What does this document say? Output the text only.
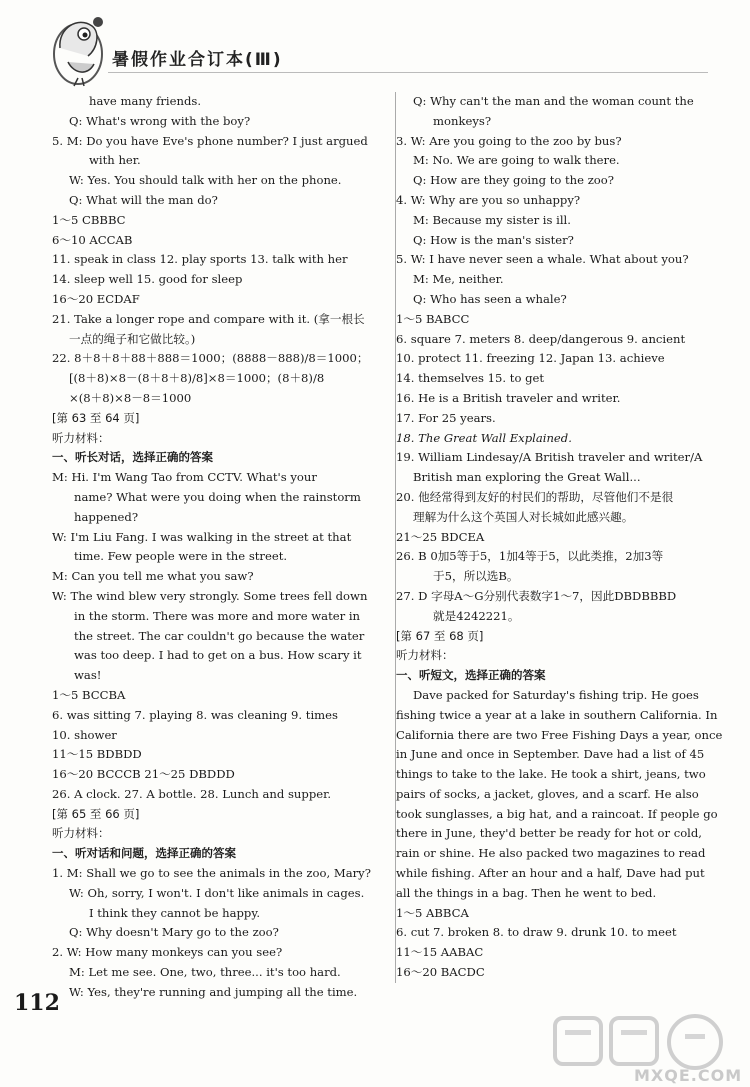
暑假作业合订本(Ⅲ)
have many friends.
Q: What's wrong with the boy?
5. M: Do you have Eve's phone number? I just argued
with her.
W: Yes. You should talk with her on the phone.
Q: What will the man do?
1～5 CBBBC
6～10 ACCAB
11. speak in class 12. play sports 13. talk with her
14. sleep well 15. good for sleep
16～20 ECDAF
21. Take a longer rope and compare with it. (拿一根长
一点的绳子和它做比较。)
22. 8＋8＋8＋88＋888＝1000；(8888－888)/8＝1000；
[(8＋8)×8－(8＋8＋8)/8]×8＝1000；(8＋8)/8
×(8＋8)×8－8＝1000
[第 63 至 64 页]
听力材料：
一、听长对话，选择正确的答案
M: Hi. I'm Wang Tao from CCTV. What's your
name? What were you doing when the rainstorm
happened?
W: I'm Liu Fang. I was walking in the street at that
time. Few people were in the street.
M: Can you tell me what you saw?
W: The wind blew very strongly. Some trees fell down
in the storm. There was more and more water in
the street. The car couldn't go because the water
was too deep. I had to get on a bus. How scary it
was!
1～5 BCCBA
6. was sitting 7. playing 8. was cleaning 9. times
10. shower
11～15 BDBDD
16～20 BCCCB 21～25 DBDDD
26. A clock. 27. A bottle. 28. Lunch and supper.
[第 65 至 66 页]
听力材料：
一、听对话和问题，选择正确的答案
1. M: Shall we go to see the animals in the zoo, Mary?
W: Oh, sorry, I won't. I don't like animals in cages.
I think they cannot be happy.
Q: Why doesn't Mary go to the zoo?
2. W: How many monkeys can you see?
M: Let me see. One, two, three... it's too hard.
W: Yes, they're running and jumping all the time.
Q: Why can't the man and the woman count the
monkeys?
3. W: Are you going to the zoo by bus?
M: No. We are going to walk there.
Q: How are they going to the zoo?
4. W: Why are you so unhappy?
M: Because my sister is ill.
Q: How is the man's sister?
5. W: I have never seen a whale. What about you?
M: Me, neither.
Q: Who has seen a whale?
1～5 BABCC
6. square 7. meters 8. deep/dangerous 9. ancient
10. protect 11. freezing 12. Japan 13. achieve
14. themselves 15. to get
16. He is a British traveler and writer.
17. For 25 years.
18. The Great Wall Explained.
19. William Lindesay/A British traveler and writer/A
British man exploring the Great Wall...
20. 他经常得到友好的村民们的帮助，尽管他们不是很
理解为什么这个英国人对长城如此感兴趣。
21～25 BDCEA
26. B 0加5等于5，1加4等于5，以此类推，2加3等
于5，所以选B。
27. D 字母A～G分别代表数字1～7，因此DBDBBBD
就是4242221。
[第 67 至 68 页]
听力材料：
一、听短文，选择正确的答案
Dave packed for Saturday's fishing trip. He goes
fishing twice a year at a lake in southern California. In
California there are two Free Fishing Days a year, once
in June and once in September. Dave had a list of 45
things to take to the lake. He took a shirt, jeans, two
pairs of socks, a jacket, gloves, and a scarf. He also
took sunglasses, a big hat, and a raincoat. If people go
there in June, they'd better be ready for hot or cold,
rain or shine. He also packed two magazines to read
while fishing. After an hour and a half, Dave had put
all the things in a bag. Then he went to bed.
1～5 ABBCA
6. cut 7. broken 8. to draw 9. drunk 10. to meet
11～15 AABAC
16～20 BACDC
112
MXQE.COM
